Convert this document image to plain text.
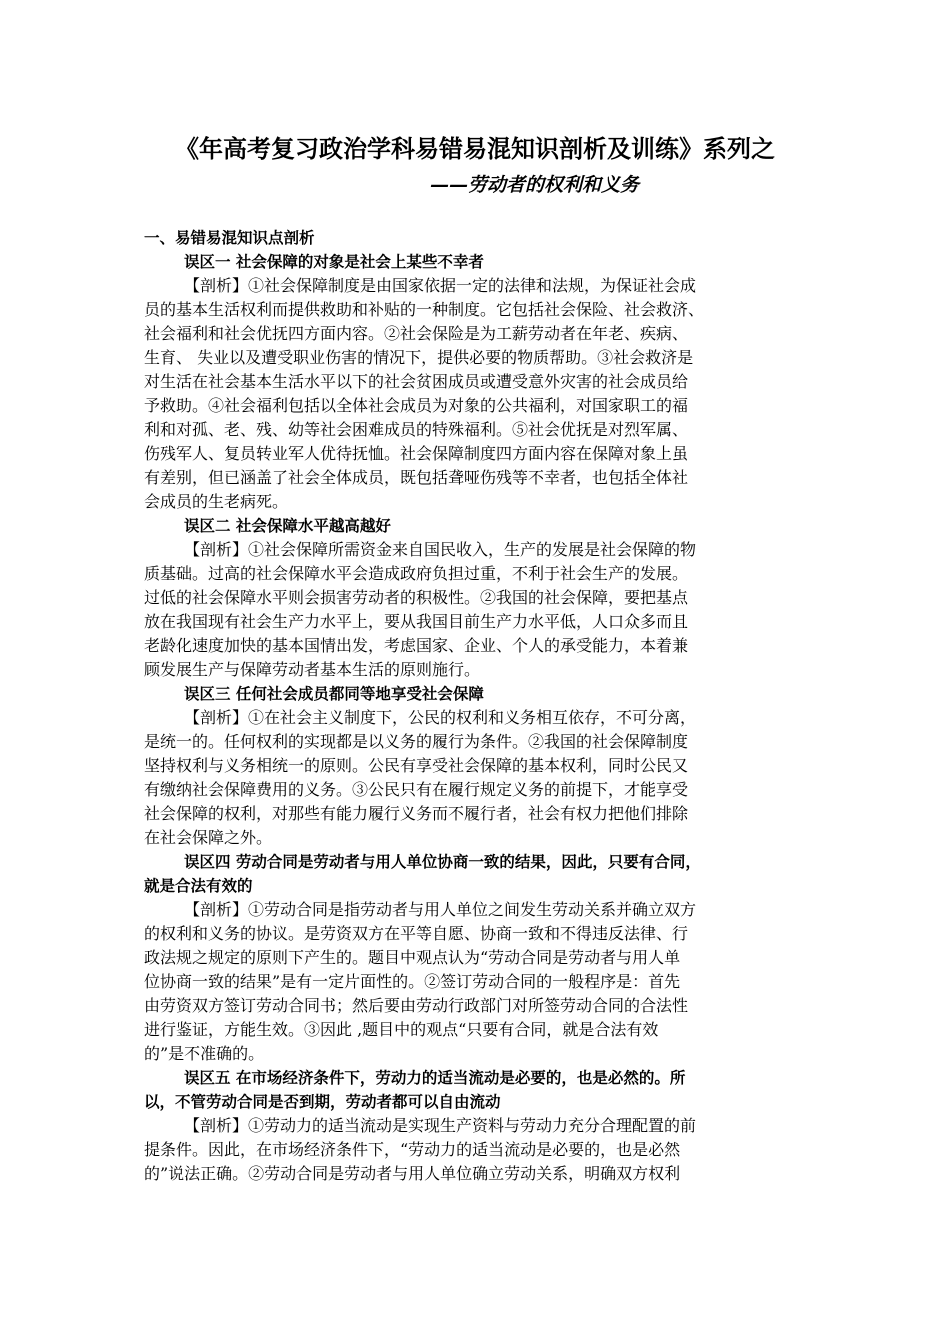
《年高考复习政治学科易错易混知识剖析及训练》系列之
——劳动者的权利和义务
一、易错易混知识点剖析
误区一 社会保障的对象是社会上某些不幸者
【剖析】①社会保障制度是由国家依据一定的法律和法规，为保证社会成
员的基本生活权利而提供救助和补贴的一种制度。它包括社会保险、社会救济、
社会福利和社会优抚四方面内容。②社会保险是为工薪劳动者在年老、疾病、
生育、 失业以及遭受职业伤害的情况下，提供必要的物质帮助。③社会救济是
对生活在社会基本生活水平以下的社会贫困成员或遭受意外灾害的社会成员给
予救助。④社会福利包括以全体社会成员为对象的公共福利，对国家职工的福
利和对孤、老、残、幼等社会困难成员的特殊福利。⑤社会优抚是对烈军属、
伤残军人、复员转业军人优待抚恤。社会保障制度四方面内容在保障对象上虽
有差别，但已涵盖了社会全体成员，既包括聋哑伤残等不幸者，也包括全体社
会成员的生老病死。
误区二 社会保障水平越高越好
【剖析】①社会保障所需资金来自国民收入，生产的发展是社会保障的物
质基础。过高的社会保障水平会造成政府负担过重，不利于社会生产的发展。
过低的社会保障水平则会损害劳动者的积极性。②我国的社会保障，要把基点
放在我国现有社会生产力水平上，要从我国目前生产力水平低，人口众多而且
老龄化速度加快的基本国情出发，考虑国家、企业、个人的承受能力，本着兼
顾发展生产与保障劳动者基本生活的原则施行。
误区三 任何社会成员都同等地享受社会保障
【剖析】①在社会主义制度下，公民的权利和义务相互依存，不可分离，
是统一的。任何权利的实现都是以义务的履行为条件。②我国的社会保障制度
坚持权利与义务相统一的原则。公民有享受社会保障的基本权利，同时公民又
有缴纳社会保障费用的义务。③公民只有在履行规定义务的前提下，才能享受
社会保障的权利，对那些有能力履行义务而不履行者，社会有权力把他们排除
在社会保障之外。
误区四 劳动合同是劳动者与用人单位协商一致的结果，因此，只要有合同，
就是合法有效的
【剖析】①劳动合同是指劳动者与用人单位之间发生劳动关系并确立双方
的权利和义务的协议。是劳资双方在平等自愿、协商一致和不得违反法律、行
政法规之规定的原则下产生的。题目中观点认为“劳动合同是劳动者与用人单
位协商一致的结果”是有一定片面性的。②签订劳动合同的一般程序是：首先
由劳资双方签订劳动合同书；然后要由劳动行政部门对所签劳动合同的合法性
进行鉴证，方能生效。③因此 ,题目中的观点“只要有合同，就是合法有效
的”是不准确的。
误区五 在市场经济条件下，劳动力的适当流动是必要的，也是必然的。所
以，不管劳动合同是否到期，劳动者都可以自由流动
【剖析】①劳动力的适当流动是实现生产资料与劳动力充分合理配置的前
提条件。因此，在市场经济条件下，“劳动力的适当流动是必要的，也是必然
的”说法正确。②劳动合同是劳动者与用人单位确立劳动关系，明确双方权利
